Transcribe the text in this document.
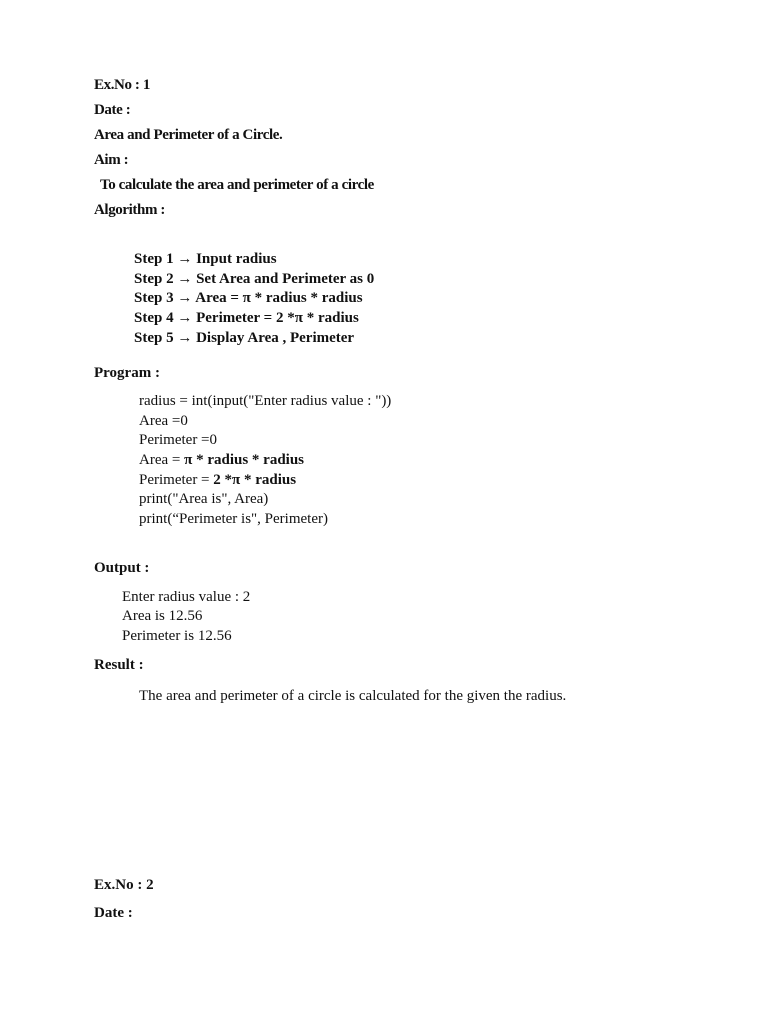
Ex.No : 1
Date :
Area and Perimeter of a Circle.
Aim :
To calculate the area and perimeter of a circle
Algorithm :
Step 1 → Input radius
Step 2 → Set Area and Perimeter as 0
Step 3 → Area = π * radius * radius
Step 4 → Perimeter = 2 *π * radius
Step 5 → Display Area , Perimeter
Program :
radius = int(input("Enter radius value : "))
Area =0
Perimeter =0
Area = π * radius * radius
Perimeter = 2 *π * radius
print("Area is", Area)
print(“Perimeter is", Perimeter)
Output :
Enter radius value : 2
Area is 12.56
Perimeter is 12.56
Result :
The area and perimeter of a circle is calculated for the given the radius.
Ex.No : 2
Date :
